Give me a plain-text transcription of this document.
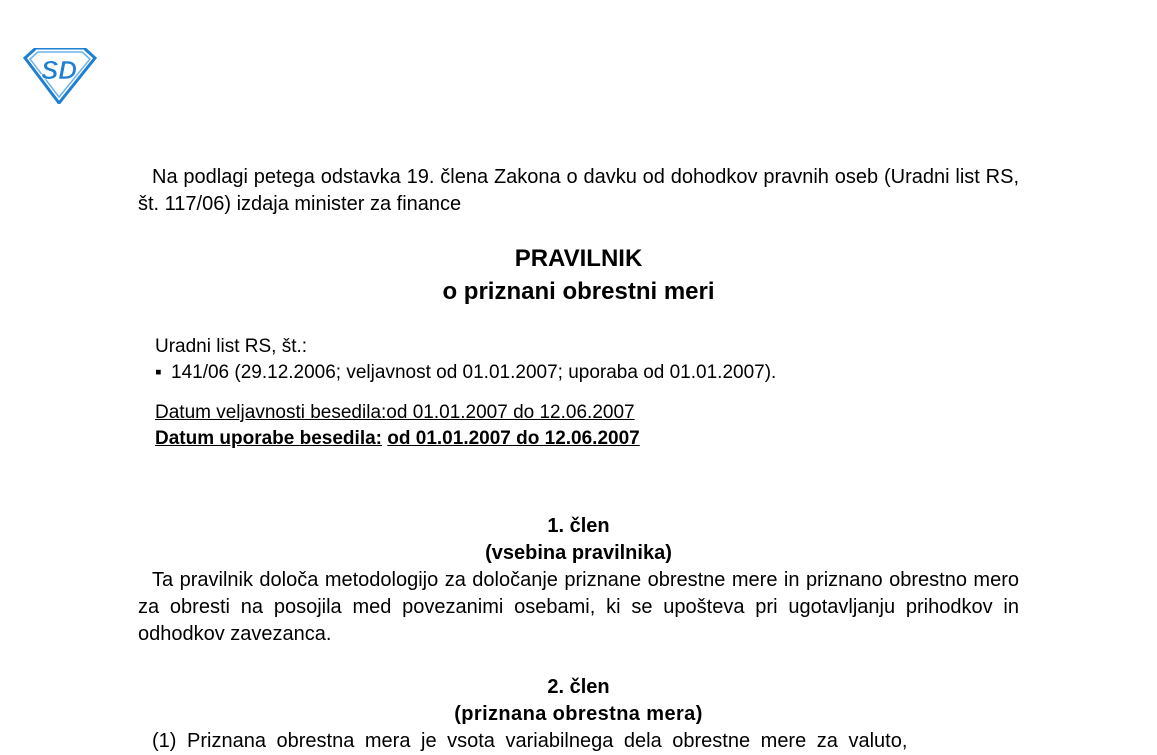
SD

Na podlagi petega odstavka 19. člena Zakona o davku od dohodkov pravnih oseb (Uradni list RS, št. 117/06) izdaja minister za finance

PRAVILNIK
o priznani obrestni meri
Uradni list RS, št.:
▪ 141/06 (29.12.2006; veljavnost od 01.01.2007; uporaba od 01.01.2007).
Datum veljavnosti besedila:od 01.01.2007 do 12.06.2007
Datum uporabe besedila: od 01.01.2007 do 12.06.2007
1. člen
(vsebina pravilnika)

Ta pravilnik določa metodologijo za določanje priznane obrestne mere in priznano obrestno mero za obresti na posojila med povezanimi osebami, ki se upošteva pri ugotavljanju prihodkov in odhodkov zavezanca.

2. člen
(priznana obrestna mera)

(1) Priznana obrestna mera je vsota variabilnega dela obrestne mere za valuto,
